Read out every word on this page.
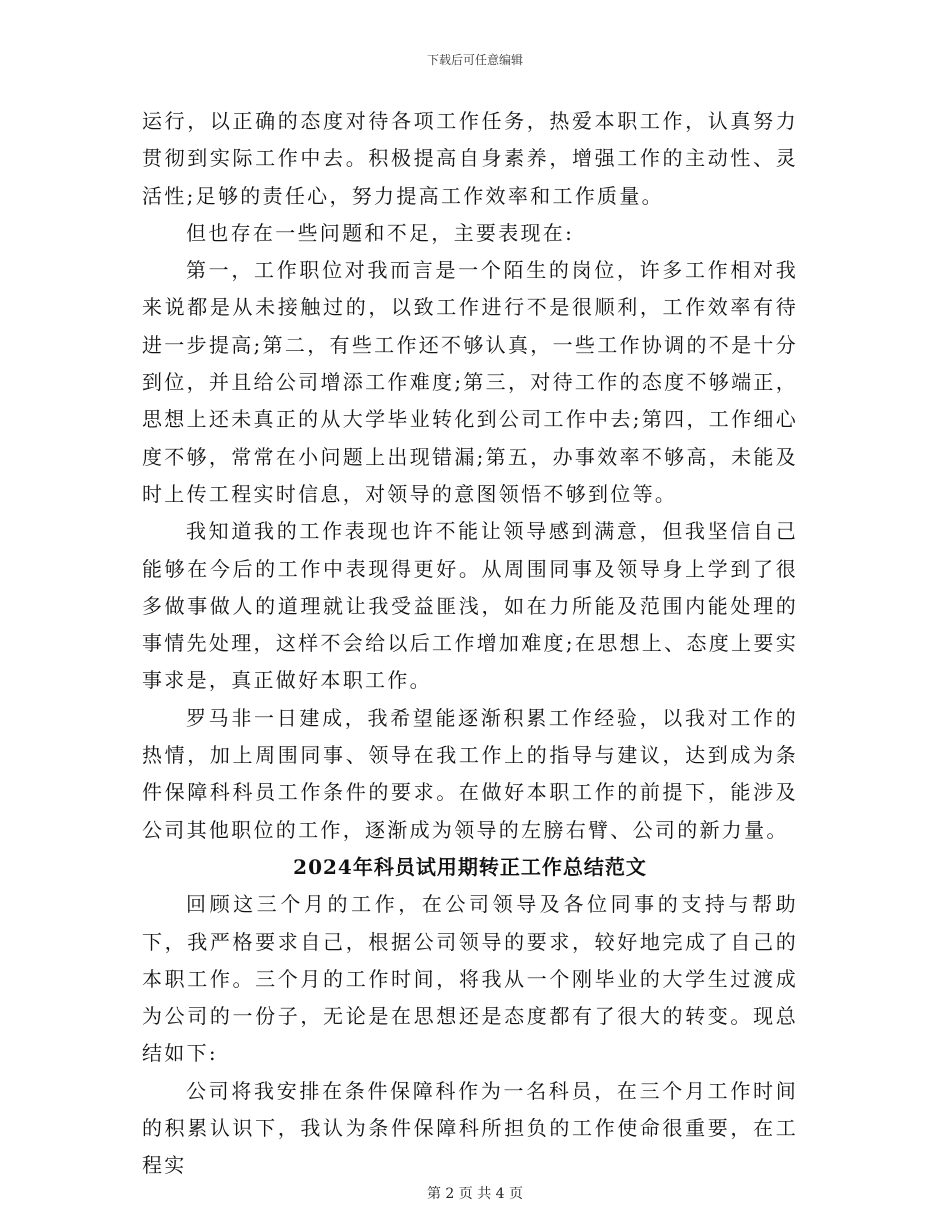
下载后可任意编辑

运行，以正确的态度对待各项工作任务，热爱本职工作，认真努力贯彻到实际工作中去。积极提高自身素养，增强工作的主动性、灵活性;足够的责任心，努力提高工作效率和工作质量。

但也存在一些问题和不足，主要表现在:

第一，工作职位对我而言是一个陌生的岗位，许多工作相对我来说都是从未接触过的，以致工作进行不是很顺利，工作效率有待进一步提高;第二，有些工作还不够认真，一些工作协调的不是十分到位，并且给公司增添工作难度;第三，对待工作的态度不够端正，思想上还未真正的从大学毕业转化到公司工作中去;第四，工作细心度不够，常常在小问题上出现错漏;第五，办事效率不够高，未能及时上传工程实时信息，对领导的意图领悟不够到位等。

我知道我的工作表现也许不能让领导感到满意，但我坚信自己能够在今后的工作中表现得更好。从周围同事及领导身上学到了很多做事做人的道理就让我受益匪浅，如在力所能及范围内能处理的事情先处理，这样不会给以后工作增加难度;在思想上、态度上要实事求是，真正做好本职工作。

罗马非一日建成，我希望能逐渐积累工作经验，以我对工作的热情，加上周围同事、领导在我工作上的指导与建议，达到成为条件保障科科员工作条件的要求。在做好本职工作的前提下，能涉及公司其他职位的工作，逐渐成为领导的左膀右臂、公司的新力量。

2024年科员试用期转正工作总结范文

回顾这三个月的工作，在公司领导及各位同事的支持与帮助下，我严格要求自己，根据公司领导的要求，较好地完成了自己的本职工作。三个月的工作时间，将我从一个刚毕业的大学生过渡成为公司的一份子，无论是在思想还是态度都有了很大的转变。现总结如下:

公司将我安排在条件保障科作为一名科员，在三个月工作时间的积累认识下，我认为条件保障科所担负的工作使命很重要，在工程实

第 2 页 共 4 页
